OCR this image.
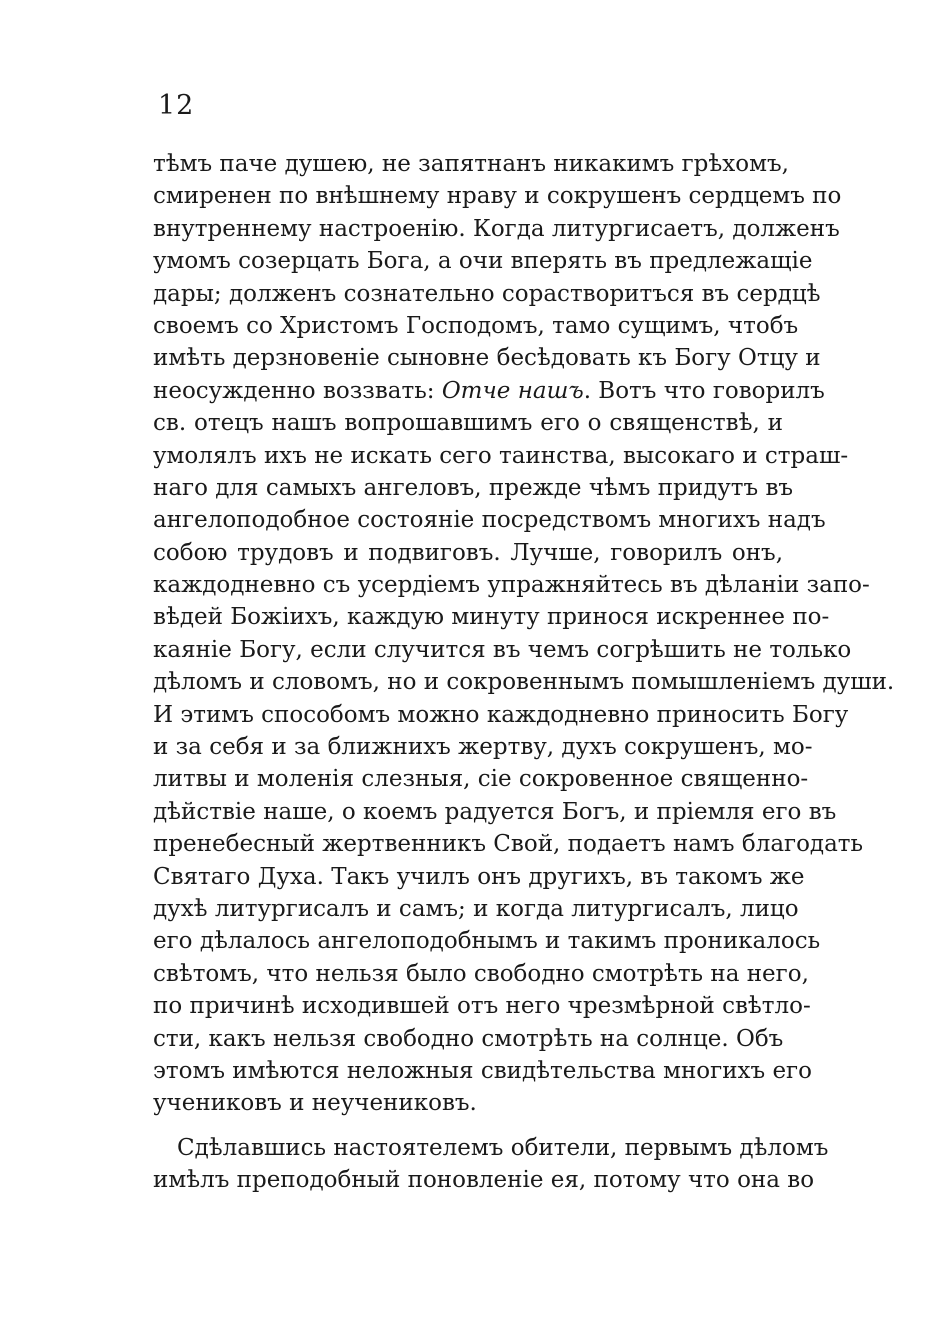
12
тѣмъ паче душею, не запятнанъ никакимъ грѣхомъ,
смиренен по внѣшнему нраву и сокрушенъ сердцемъ по
внутреннему настроенію. Когда литургисаетъ, долженъ
умомъ созерцать Бога, а очи вперять въ предлежащіе
дары; долженъ сознательно сорастворитъся въ сердцѣ
своемъ со Христомъ Господомъ, тамо сущимъ, чтобъ
имѣть дерзновеніе сыновне бесѣдовать къ Богу Отцу и
неосужденно воззвать: Отче нашъ. Вотъ что говорилъ
св. отецъ нашъ вопрошавшимъ его о священствѣ, и
умолялъ ихъ не искать сего таинства, высокаго и страш-
наго для самыхъ ангеловъ, прежде чѣмъ придутъ въ
ангелоподобное состояніе посредствомъ многихъ надъ
собою трудовъ и подвиговъ. Лучше, говорилъ онъ,
каждодневно съ усердіемъ упражняйтесь въ дѣланіи запо-
вѣдей Божіихъ, каждую минуту принося искреннее по-
каяніе Богу, если случится въ чемъ согрѣшить не только
дѣломъ и словомъ, но и сокровеннымъ помышленіемъ души.
И этимъ способомъ можно каждодневно приносить Богу
и за себя и за ближнихъ жертву, духъ сокрушенъ, мо-
литвы и моленія слезныя, сіе сокровенное священно-
дѣйствіе наше, о коемъ радуется Богъ, и пріемля его въ
пренебесный жертвенникъ Свой, подаетъ намъ благодать
Святаго Духа. Такъ училъ онъ другихъ, въ такомъ же
духѣ литургисалъ и самъ; и когда литургисалъ, лицо
его дѣлалось ангелоподобнымъ и такимъ проникалось
свѣтомъ, что нельзя было свободно смотрѣть на него,
по причинѣ исходившей отъ него чрезмѣрной свѣтло-
сти, какъ нельзя свободно смотрѣть на солнце. Объ
этомъ имѣются неложныя свидѣтельства многихъ его
учениковъ и неучениковъ.
Сдѣлавшись настоятелемъ обители, первымъ дѣломъ
имѣлъ преподобный поновленіе ея, потому что она во
